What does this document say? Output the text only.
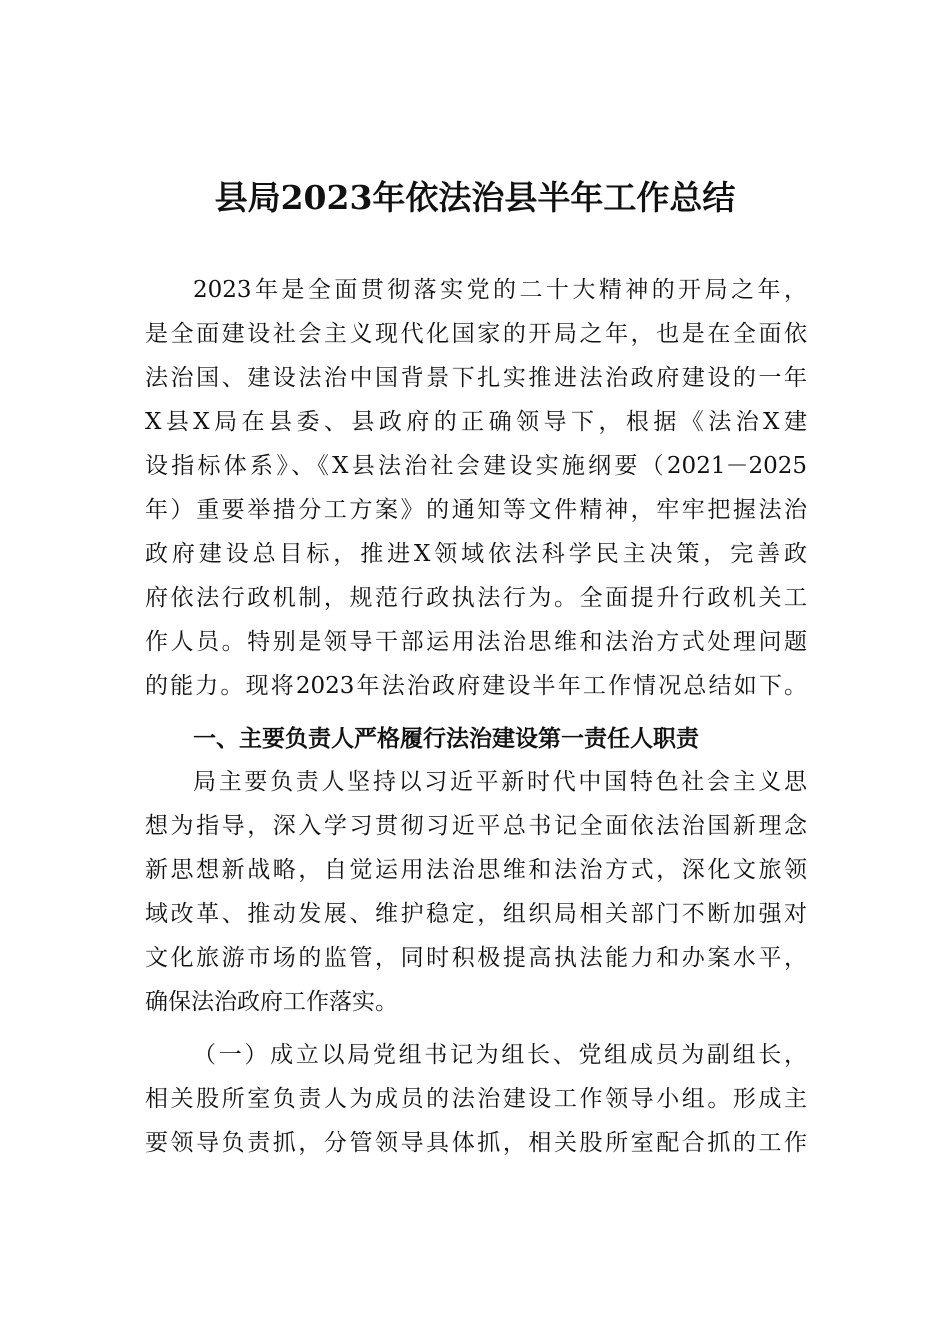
县局2023年依法治县半年工作总结
2023年是全面贯彻落实党的二十大精神的开局之年，
是全面建设社会主义现代化国家的开局之年，也是在全面依
法治国、建设法治中国背景下扎实推进法治政府建设的一年
X县X局在县委、县政府的正确领导下，根据《法治X建
设指标体系》、《X县法治社会建设实施纲要（2021－2025
年）重要举措分工方案》的通知等文件精神，牢牢把握法治
政府建设总目标，推进X领域依法科学民主决策，完善政
府依法行政机制，规范行政执法行为。全面提升行政机关工
作人员。特别是领导干部运用法治思维和法治方式处理问题
的能力。现将2023年法治政府建设半年工作情况总结如下。
一、主要负责人严格履行法治建设第一责任人职责
局主要负责人坚持以习近平新时代中国特色社会主义思
想为指导，深入学习贯彻习近平总书记全面依法治国新理念
新思想新战略，自觉运用法治思维和法治方式，深化文旅领
域改革、推动发展、维护稳定，组织局相关部门不断加强对
文化旅游市场的监管，同时积极提高执法能力和办案水平，
确保法治政府工作落实。
（一）成立以局党组书记为组长、党组成员为副组长，
相关股所室负责人为成员的法治建设工作领导小组。形成主
要领导负责抓，分管领导具体抓，相关股所室配合抓的工作
